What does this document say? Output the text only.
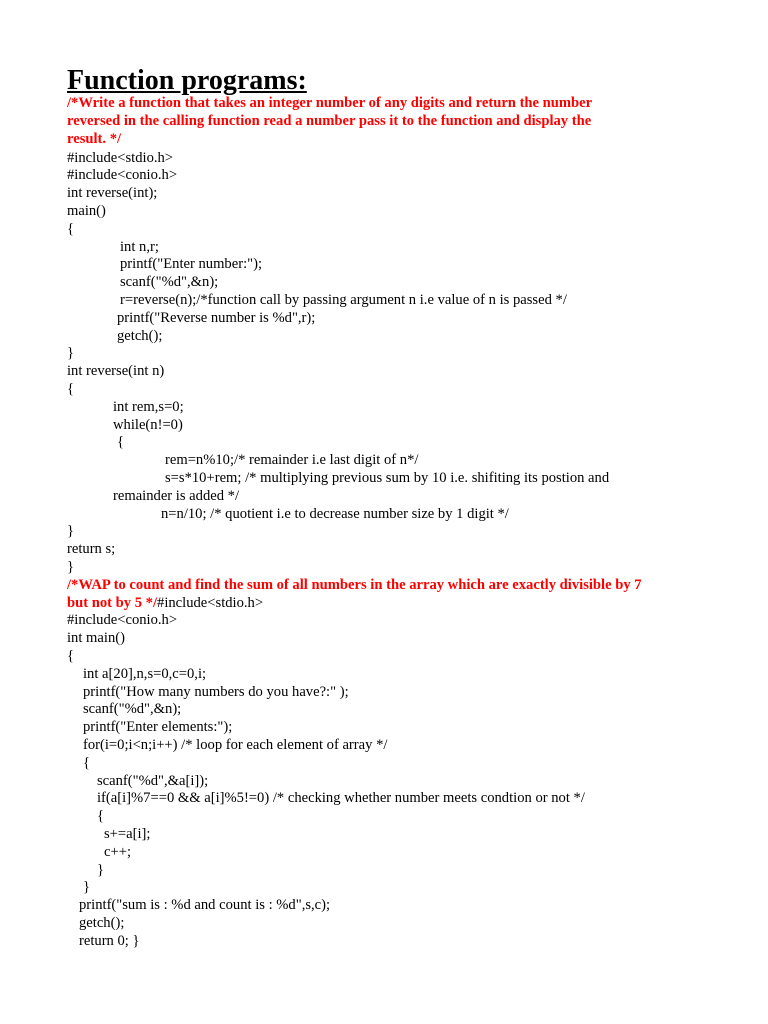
Function programs:
/*Write a function that takes an integer number of any digits and return the number
reversed in the calling function read a number pass it to the function and display the
result. */
#include<stdio.h>
#include<conio.h>
int reverse(int);
main()
{
int n,r;
printf("Enter number:");
scanf("%d",&n);
r=reverse(n);/*function call by passing argument n i.e value of n is passed */
printf("Reverse number is %d",r);
getch();
}
int reverse(int n)
{
int rem,s=0;
while(n!=0)
{
rem=n%10;/* remainder i.e last digit of n*/
s=s*10+rem; /* multiplying previous sum by 10 i.e. shifiting its postion and
remainder is added */
n=n/10; /* quotient i.e to decrease number size by 1 digit */
}
return s;
}
/*WAP to count and find the sum of all numbers in the array which are exactly divisible by 7
but not by 5 */#include<stdio.h>
#include<conio.h>
int main()
{
int a[20],n,s=0,c=0,i;
printf("How many numbers do you have?:" );
scanf("%d",&n);
printf("Enter elements:");
for(i=0;i<n;i++) /* loop for each element of array */
{
scanf("%d",&a[i]);
if(a[i]%7==0 && a[i]%5!=0) /* checking whether number meets condtion or not */
{
s+=a[i];
c++;
}
}
printf("sum is : %d and count is : %d",s,c);
getch();
return 0; }
